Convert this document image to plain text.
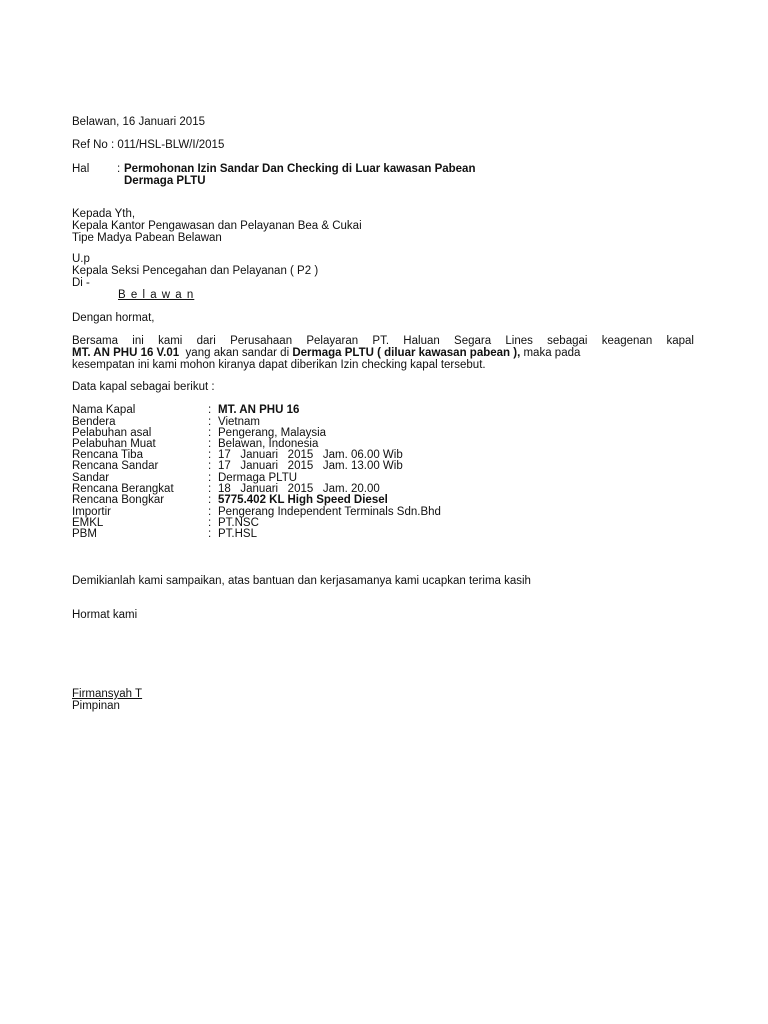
Belawan, 16 Januari 2015
Ref No : 011/HSL-BLW/I/2015
Hal : Permohonan Izin Sandar Dan Checking di Luar kawasan Pabean
Dermaga PLTU
Kepada Yth,
Kepala Kantor Pengawasan dan Pelayanan Bea & Cukai
Tipe Madya Pabean Belawan
U.p
Kepala Seksi Pencegahan dan Pelayanan ( P2 )
Di -
B e l a w a n
Dengan hormat,
Bersama ini kami dari Perusahaan Pelayaran PT. Haluan Segara Lines sebagai keagenan kapal
MT. AN PHU 16 V.01  yang akan sandar di Dermaga PLTU ( diluar kawasan pabean ), maka pada
kesempatan ini kami mohon kiranya dapat diberikan Izin checking kapal tersebut.
Data kapal sebagai berikut :
Nama Kapal	: MT. AN PHU 16
Bendera	: Vietnam
Pelabuhan asal	: Pengerang, Malaysia
Pelabuhan Muat	: Belawan, Indonesia
Rencana Tiba	: 17   Januari   2015   Jam. 06.00 Wib
Rencana Sandar	: 17   Januari   2015   Jam. 13.00 Wib
Sandar	: Dermaga PLTU
Rencana Berangkat	: 18   Januari   2015   Jam. 20.00
Rencana Bongkar	: 5775.402 KL High Speed Diesel
Importir	: Pengerang Independent Terminals Sdn.Bhd
EMKL	: PT.NSC
PBM	: PT.HSL
Demikianlah kami sampaikan, atas bantuan dan kerjasamanya kami ucapkan terima kasih
Hormat kami
Firmansyah T
Pimpinan
